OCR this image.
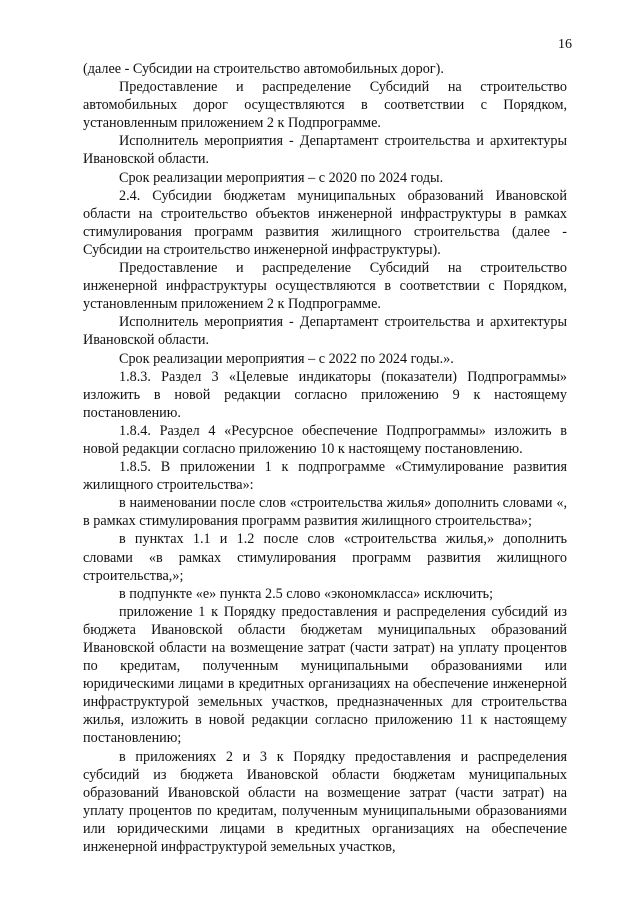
16

(далее - Субсидии на строительство автомобильных дорог).

Предоставление и распределение Субсидий на строительство автомобильных дорог осуществляются в соответствии с Порядком, установленным приложением 2 к Подпрограмме.

Исполнитель мероприятия - Департамент строительства и архитектуры Ивановской области.

Срок реализации мероприятия – с 2020 по 2024 годы.

2.4. Субсидии бюджетам муниципальных образований Ивановской области на строительство объектов инженерной инфраструктуры в рамках стимулирования программ развития жилищного строительства (далее - Субсидии на строительство инженерной инфраструктуры).

Предоставление и распределение Субсидий на строительство инженерной инфраструктуры осуществляются в соответствии с Порядком, установленным приложением 2 к Подпрограмме.

Исполнитель мероприятия - Департамент строительства и архитектуры Ивановской области.

Срок реализации мероприятия – с 2022 по 2024 годы.».

1.8.3. Раздел 3 «Целевые индикаторы (показатели) Подпрограммы» изложить в новой редакции согласно приложению 9 к настоящему постановлению.

1.8.4. Раздел 4 «Ресурсное обеспечение Подпрограммы» изложить в новой редакции согласно приложению 10 к настоящему постановлению.

1.8.5. В приложении 1 к подпрограмме «Стимулирование развития жилищного строительства»:

в наименовании после слов «строительства жилья» дополнить словами «, в рамках стимулирования программ развития жилищного строительства»;

в пунктах 1.1 и 1.2 после слов «строительства жилья,» дополнить словами «в рамках стимулирования программ развития жилищного строительства,»;

в подпункте «е» пункта 2.5 слово «экономкласса» исключить;

приложение 1 к Порядку предоставления и распределения субсидий из бюджета Ивановской области бюджетам муниципальных образований Ивановской области на возмещение затрат (части затрат) на уплату процентов по кредитам, полученным муниципальными образованиями или юридическими лицами в кредитных организациях на обеспечение инженерной инфраструктурой земельных участков, предназначенных для строительства жилья, изложить в новой редакции согласно приложению 11 к настоящему постановлению;

в приложениях 2 и 3 к Порядку предоставления и распределения субсидий из бюджета Ивановской области бюджетам муниципальных образований Ивановской области на возмещение затрат (части затрат) на уплату процентов по кредитам, полученным муниципальными образованиями или юридическими лицами в кредитных организациях на обеспечение инженерной инфраструктурой земельных участков,
